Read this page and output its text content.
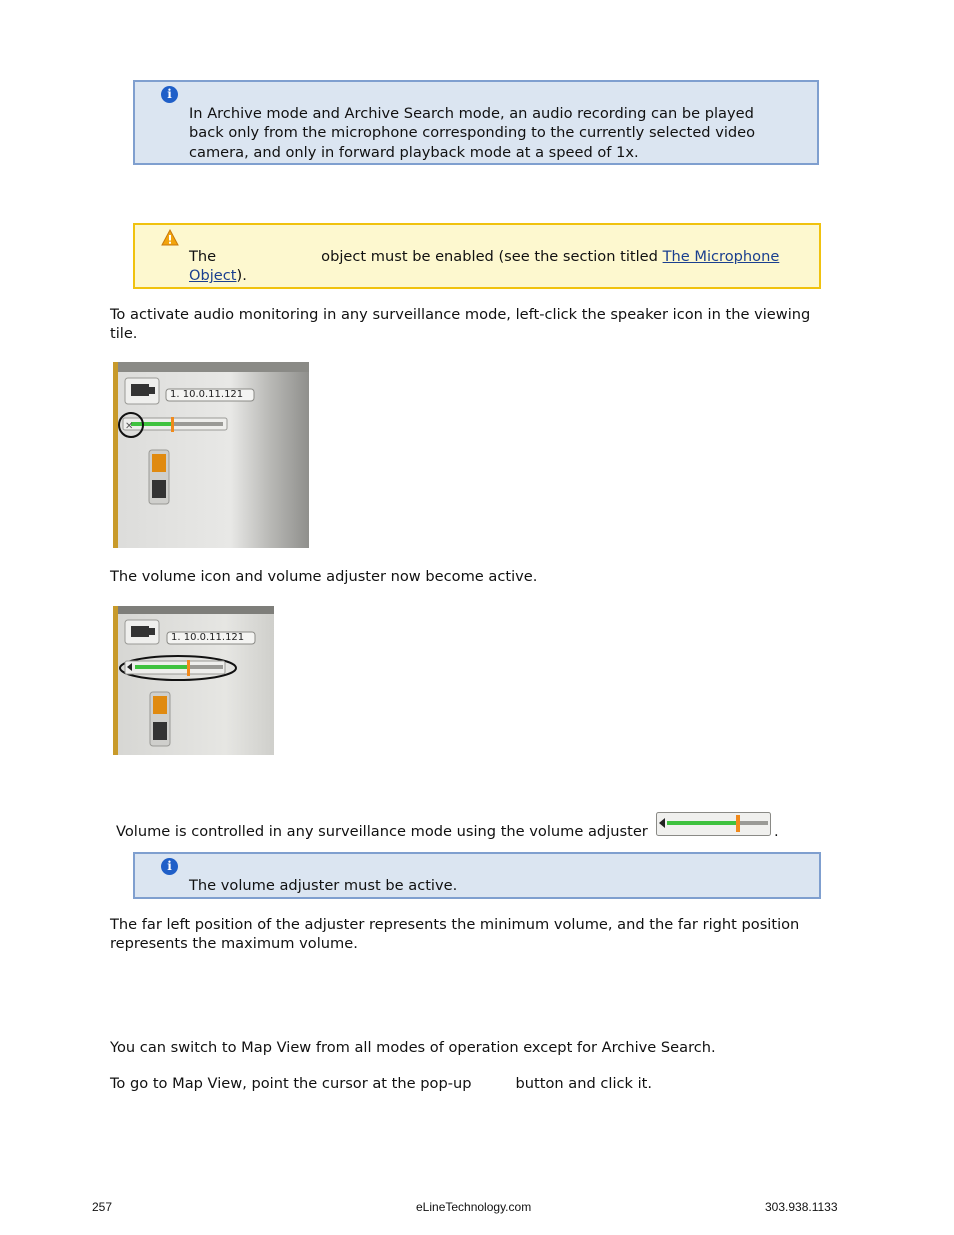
i

In Archive mode and Archive Search mode, an audio recording can be played back only from the microphone corresponding to the currently selected video camera, and only in forward playback mode at a speed of 1x.

The	object must be enabled (see the section titled The Microphone Object).

To activate audio monitoring in any surveillance mode, left-click the speaker icon in the viewing tile.

✕
1. 10.0.11.121

The volume icon and volume adjuster now become active.

1. 10.0.11.121

Volume is controlled in any surveillance mode using the volume adjuster	.
i

The volume adjuster must be active.

The far left position of the adjuster represents the minimum volume, and the far right position represents the maximum volume.

You can switch to Map View from all modes of operation except for Archive Search.

To go to Map View, point the cursor at the pop-up	button and click it.

257	eLineTechnology.com	303.938.1133
